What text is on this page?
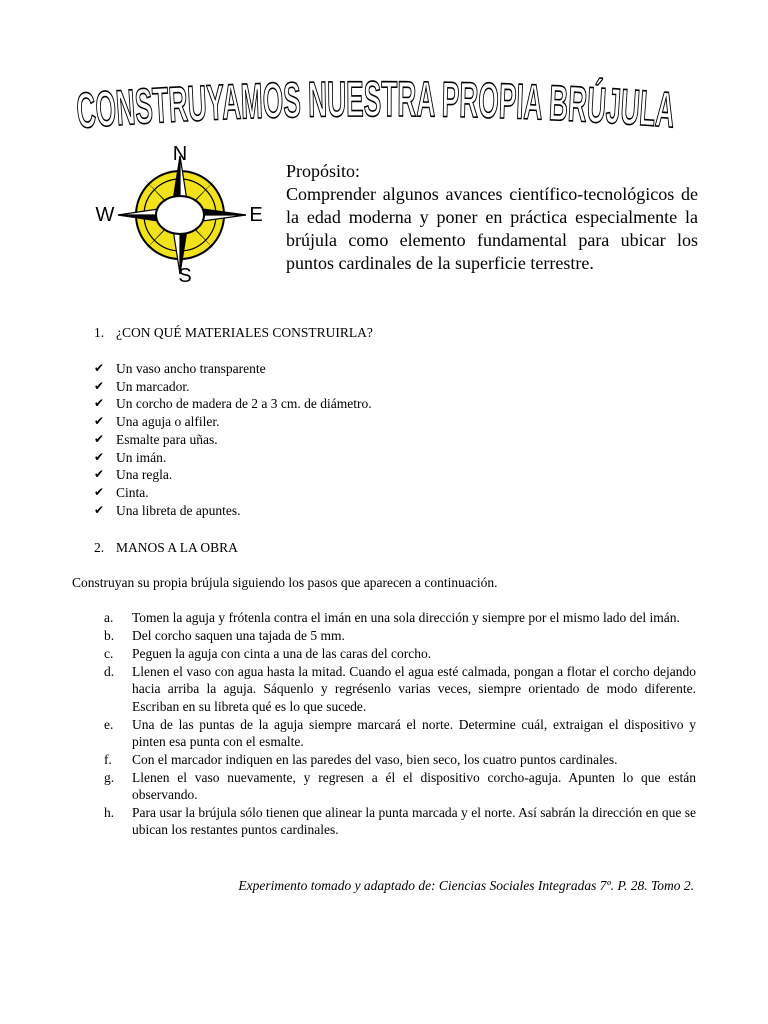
CONSTRUYAMOS NUESTRA PROPIA BRÚJULA
N
S
E
W

Propósito:

Comprender algunos avances científico-tecnológicos de la edad moderna y poner en práctica especialmente la brújula como elemento fundamental para ubicar los puntos cardinales de la superficie terrestre.

1. ¿CON QUÉ MATERIALES CONSTRUIRLA?
✔ Un vaso ancho transparente
✔ Un marcador.
✔ Un corcho de madera de 2 a 3 cm. de diámetro.
✔ Una aguja o alfiler.
✔ Esmalte para uñas.
✔ Un imán.
✔ Una regla.
✔ Cinta.
✔ Una libreta de apuntes.
2. MANOS A LA OBRA
Construyan su propia brújula siguiendo los pasos que aparecen a continuación.
a. Tomen la aguja y frótenla contra el imán en una sola dirección y siempre por el mismo lado del imán.
b. Del corcho saquen una tajada de 5 mm.
c. Peguen la aguja con cinta a una de las caras del corcho.
d. Llenen el vaso con agua hasta la mitad. Cuando el agua esté calmada, pongan a flotar el corcho dejando hacia arriba la aguja. Sáquenlo y regrésenlo varias veces, siempre orientado de modo diferente. Escriban en su libreta qué es lo que sucede.
e. Una de las puntas de la aguja siempre marcará el norte. Determine cuál, extraigan el dispositivo y pinten esa punta con el esmalte.
f. Con el marcador indiquen en las paredes del vaso, bien seco, los cuatro puntos cardinales.
g. Llenen el vaso nuevamente, y regresen a él el dispositivo corcho-aguja. Apunten lo que están observando.
h. Para usar la brújula sólo tienen que alinear la punta marcada y el norte. Así sabrán la dirección en que se ubican los restantes puntos cardinales.
Experimento tomado y adaptado de: Ciencias Sociales Integradas 7º. P. 28. Tomo 2.
